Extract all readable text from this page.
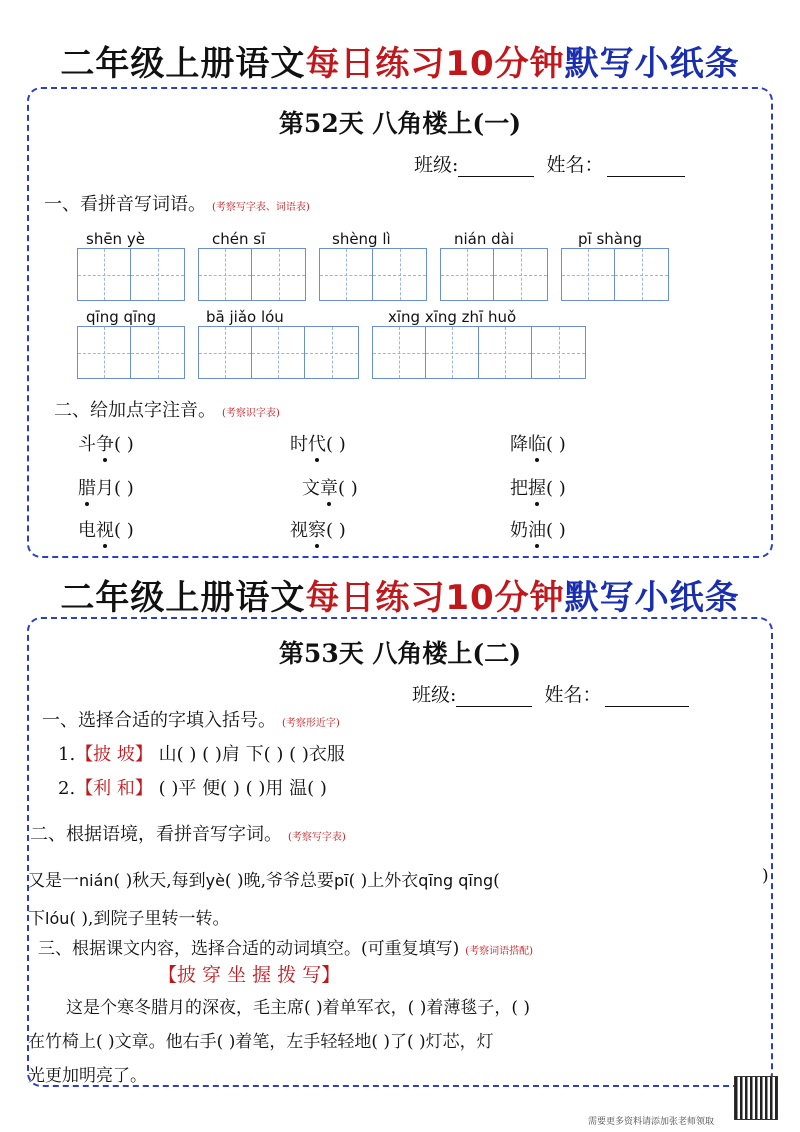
二年级上册语文每日练习10分钟默写小纸条
第52天 八角楼上(一)
班级:	姓名：
一、看拼音写词语。 (考察写字表、词语表)
shēn yè	chén sī	shèng lì	nián dài	pī shàng
qīng qīng	bā jiǎo lóu	xīng xīng zhī huǒ
二、给加点字注音。 (考察识字表)
斗争( )	时代( )	降临( )
腊月( )	文章( )	把握( )
电视( )	视察( )	奶油( )
二年级上册语文每日练习10分钟默写小纸条
第53天 八角楼上(二)
班级:	姓名：
一、选择合适的字填入括号。 (考察形近字)
1.【披 坡】 山( ) ( )肩 下( ) ( )衣服
2.【利 和】 ( )平 便( ) ( )用 温( )
二、根据语境，看拼音写字词。 (考察写字表)
又是一nián( )秋天,每到yè( )晚,爷爷总要pī( )上外衣qīng qīng(	)
下lóu( ),到院子里转一转。
三、根据课文内容，选择合适的动词填空。(可重复填写) (考察词语搭配)
【披 穿 坐 握 拨 写】
这是个寒冬腊月的深夜，毛主席( )着单军衣，( )着薄毯子，( )
在竹椅上( )文章。他右手( )着笔，左手轻轻地( )了( )灯芯，灯
光更加明亮了。
需要更多资料请添加张老师领取
